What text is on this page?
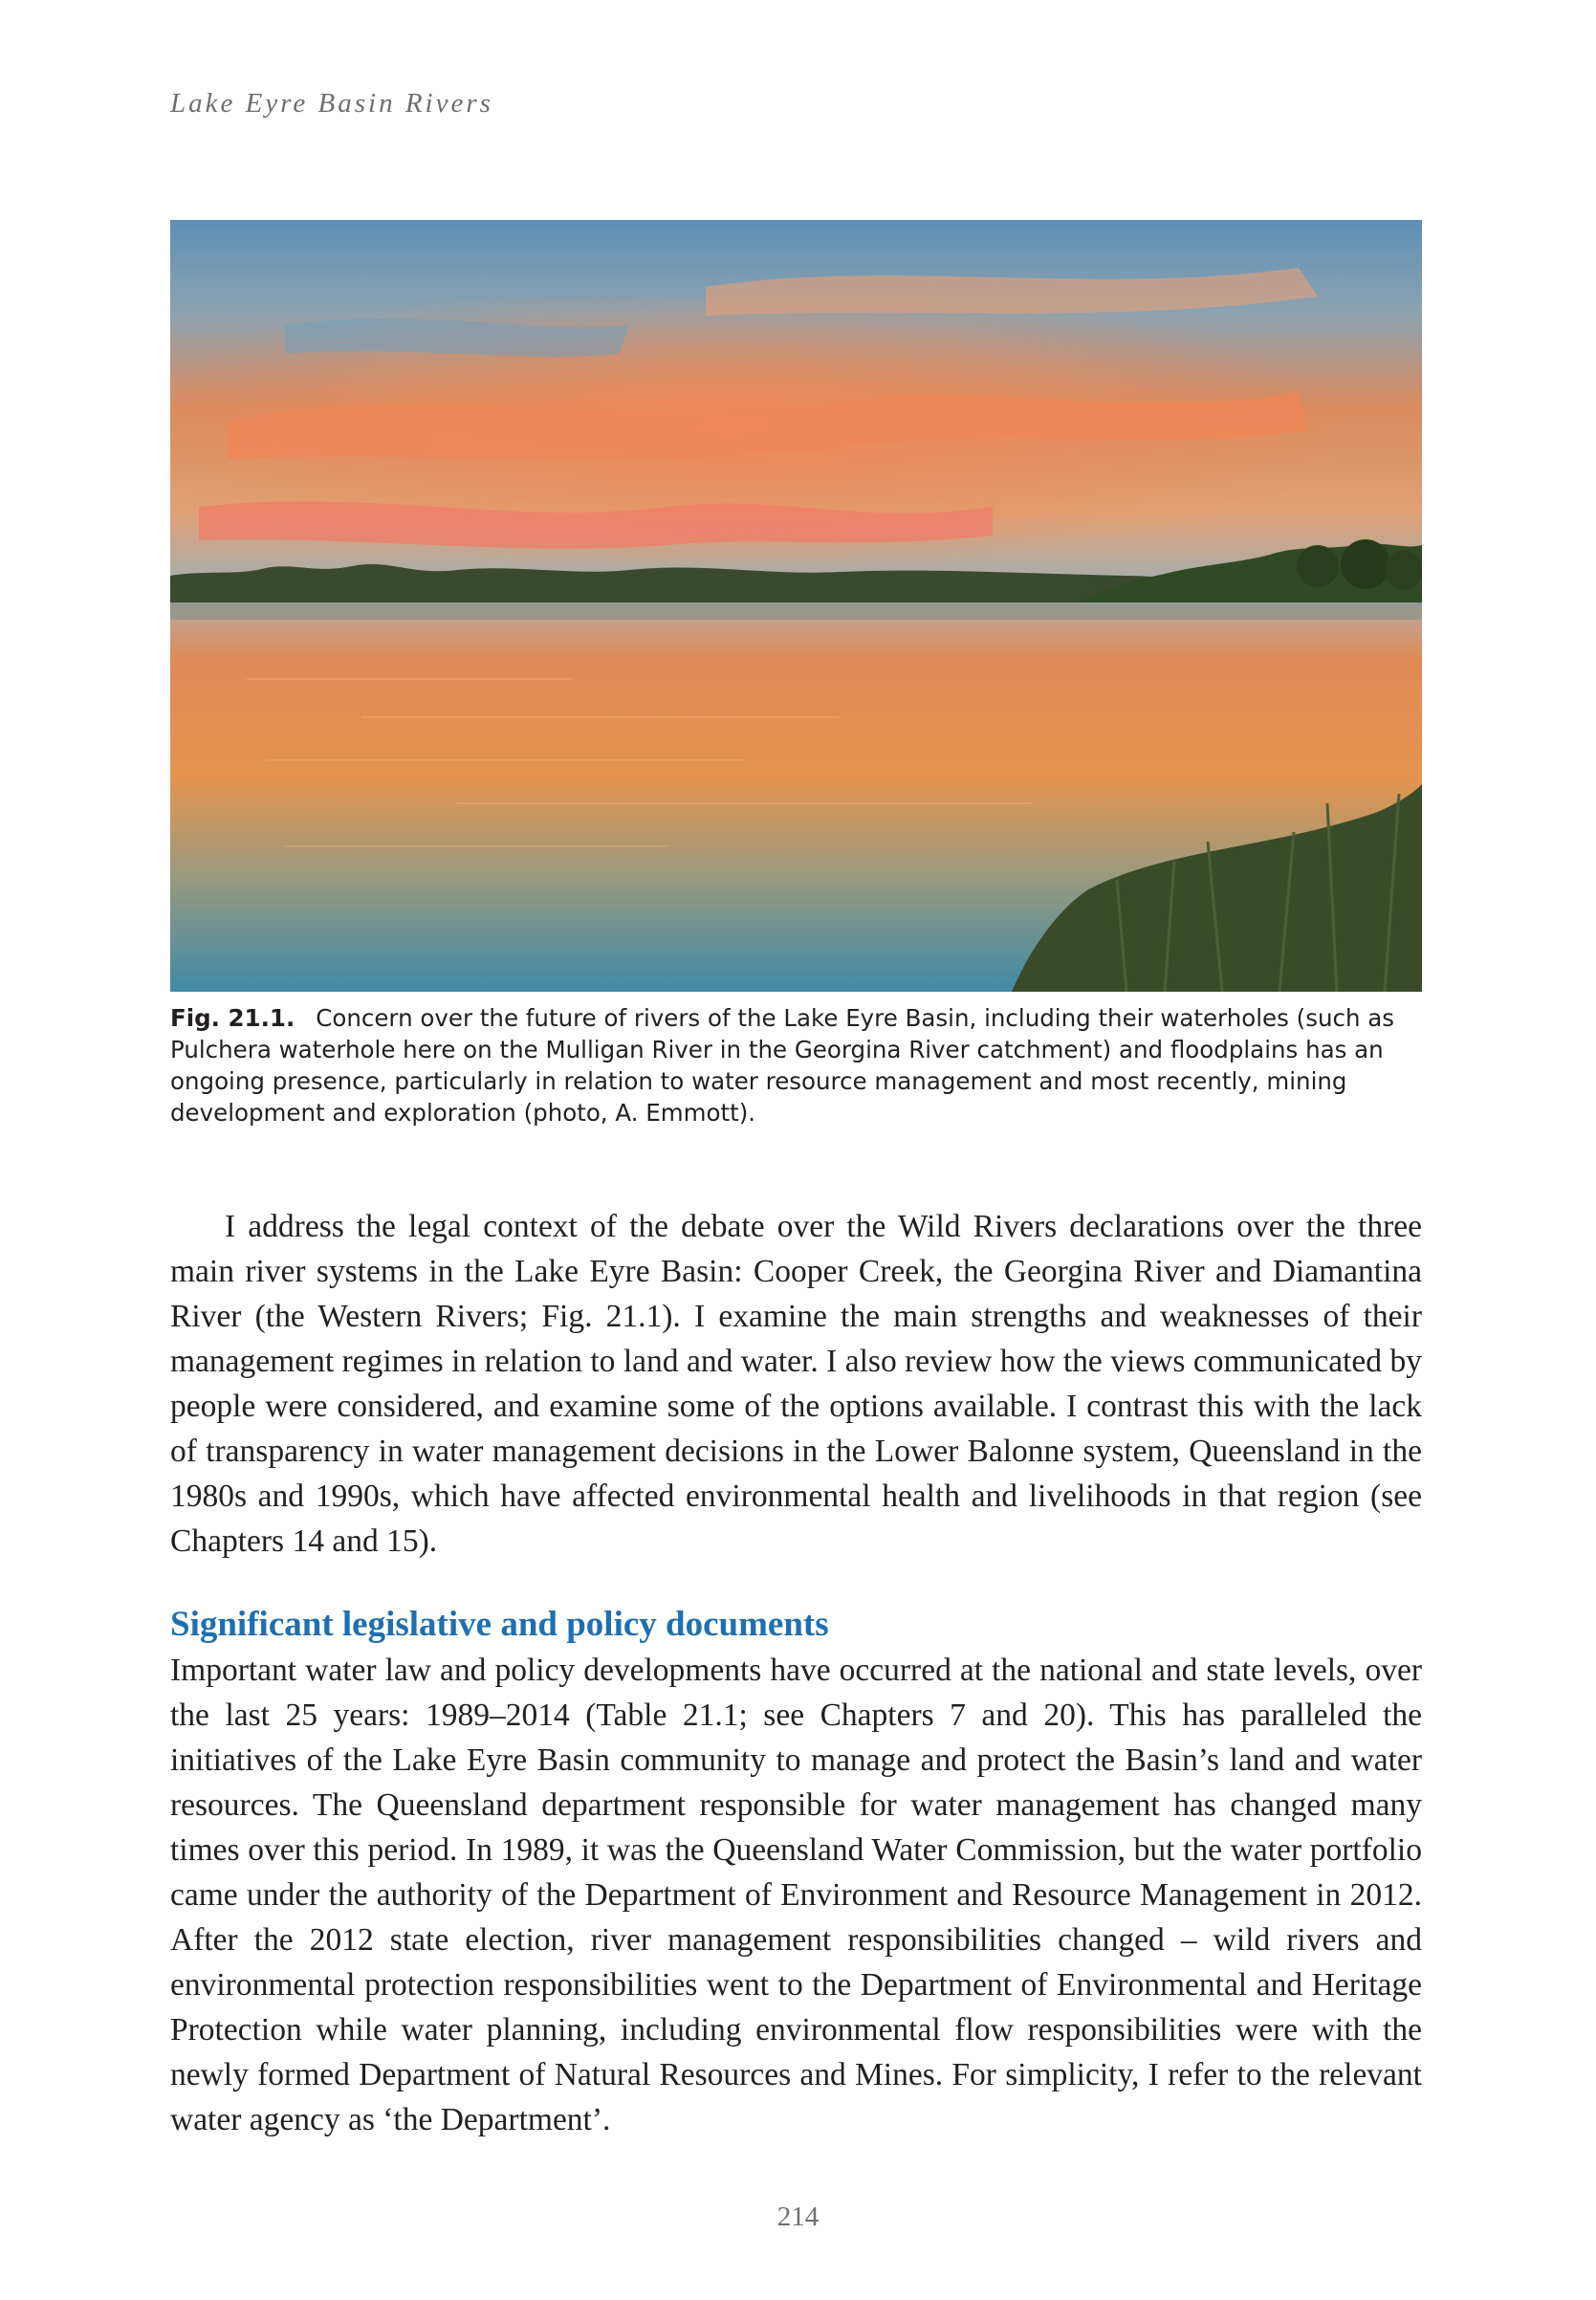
Lake Eyre Basin Rivers
Fig. 21.1. Concern over the future of rivers of the Lake Eyre Basin, including their waterholes (such as Pulchera waterhole here on the Mulligan River in the Georgina River catchment) and floodplains has an ongoing presence, particularly in relation to water resource management and most recently, mining development and exploration (photo, A. Emmott).

I address the legal context of the debate over the Wild Rivers declarations over the three main river systems in the Lake Eyre Basin: Cooper Creek, the Georgina River and Diamantina River (the Western Rivers; Fig. 21.1). I examine the main strengths and weaknesses of their management regimes in relation to land and water. I also review how the views communicated by people were considered, and examine some of the options available. I contrast this with the lack of transparency in water management decisions in the Lower Balonne system, Queensland in the 1980s and 1990s, which have affected environmental health and livelihoods in that region (see Chapters 14 and 15).

Significant legislative and policy documents

Important water law and policy developments have occurred at the national and state levels, over the last 25 years: 1989–2014 (Table 21.1; see Chapters 7 and 20). This has paralleled the initiatives of the Lake Eyre Basin community to manage and protect the Basin’s land and water resources. The Queensland department responsible for water management has changed many times over this period. In 1989, it was the Queensland Water Commission, but the water portfolio came under the authority of the Department of Environment and Resource Management in 2012. After the 2012 state election, river management responsibilities changed – wild rivers and environmental protection responsibilities went to the Department of Environmental and Heritage Protection while water planning, including environmental flow responsibilities were with the newly formed Department of Natural Resources and Mines. For simplicity, I refer to the relevant water agency as ‘the Department’.

214
